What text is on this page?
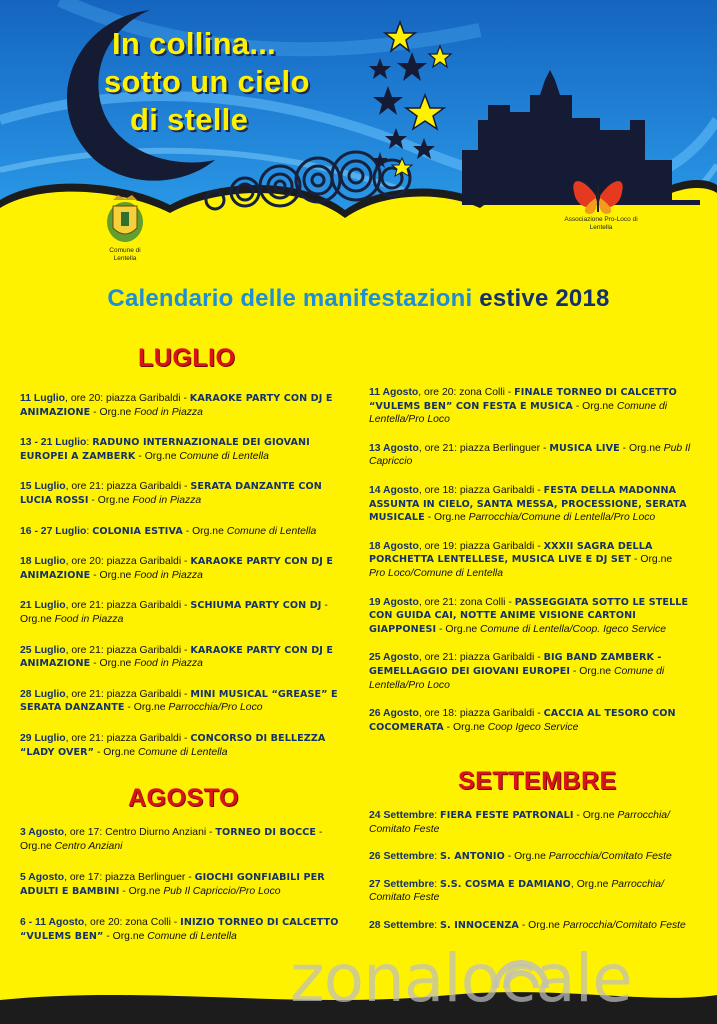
In collina...
sotto un cielo
di stelle
Comune di
Lentella
Associazione Pro-Loco di
Lentella
Calendario delle manifestazioni estive 2018
LUGLIO
AGOSTO
SETTEMBRE
11 Luglio, ore 20: piazza Garibaldi - KARAOKE PARTY CON DJ E ANIMAZIONE - Org.ne Food in Piazza
13 - 21 Luglio: RADUNO INTERNAZIONALE DEI GIOVANI EUROPEI A ZAMBERK - Org.ne Comune di Lentella
15 Luglio, ore 21: piazza Garibaldi - SERATA DANZANTE CON LUCIA ROSSI - Org.ne Food in Piazza
16 - 27 Luglio: COLONIA ESTIVA - Org.ne Comune di Lentella
18 Luglio, ore 20: piazza Garibaldi - KARAOKE PARTY CON DJ E ANIMAZIONE - Org.ne Food in Piazza
21 Luglio, ore 21: piazza Garibaldi - SCHIUMA PARTY CON DJ - Org.ne Food in Piazza
25 Luglio, ore 21: piazza Garibaldi - KARAOKE PARTY CON DJ E ANIMAZIONE - Org.ne Food in Piazza
28 Luglio, ore 21: piazza Garibaldi - MINI MUSICAL “GREASE” E SERATA DANZANTE - Org.ne Parrocchia/Pro Loco
29 Luglio, ore 21: piazza Garibaldi - CONCORSO DI BELLEZZA “LADY OVER” - Org.ne Comune di Lentella
3 Agosto, ore 17: Centro Diurno Anziani - TORNEO DI BOCCE - Org.ne Centro Anziani
5 Agosto, ore 17: piazza Berlinguer - GIOCHI GONFIABILI PER ADULTI E BAMBINI - Org.ne Pub Il Capriccio/Pro Loco
6 - 11 Agosto, ore 20: zona Colli - INIZIO TORNEO DI CALCETTO “VULEMS BEN” - Org.ne Comune di Lentella
11 Agosto, ore 20: zona Colli - FINALE TORNEO DI CALCETTO “VULEMS BEN” CON FESTA E MUSICA - Org.ne Comune di Lentella/Pro Loco
13 Agosto, ore 21: piazza Berlinguer - MUSICA LIVE - Org.ne Pub Il Capriccio
14 Agosto, ore 18: piazza Garibaldi - FESTA DELLA MADONNA ASSUNTA IN CIELO, SANTA MESSA, PROCESSIONE, SERATA MUSICALE - Org.ne Parrocchia/Comune di Lentella/Pro Loco
18 Agosto, ore 19: piazza Garibaldi - XXXII SAGRA DELLA PORCHETTA LENTELLESE, MUSICA LIVE E DJ SET - Org.ne Pro Loco/Comune di Lentella
19 Agosto, ore 21: zona Colli - PASSEGGIATA SOTTO LE STELLE CON GUIDA CAI, NOTTE ANIME VISIONE CARTONI GIAPPONESI - Org.ne Comune di Lentella/Coop. Igeco Service
25 Agosto, ore 21: piazza Garibaldi - BIG BAND ZAMBERK - GEMELLAGGIO DEI GIOVANI EUROPEI - Org.ne Comune di Lentella/Pro Loco
26 Agosto, ore 18: piazza Garibaldi - CACCIA AL TESORO CON COCOMERATA - Org.ne Coop Igeco Service
24 Settembre: FIERA FESTE PATRONALI - Org.ne Parrocchia/ Comitato Feste
26 Settembre: S. ANTONIO - Org.ne Parrocchia/Comitato Feste
27 Settembre: S.S. COSMA E DAMIANO, Org.ne Parrocchia/ Comitato Feste
28 Settembre: S. INNOCENZA - Org.ne Parrocchia/Comitato Feste
zonalocale
